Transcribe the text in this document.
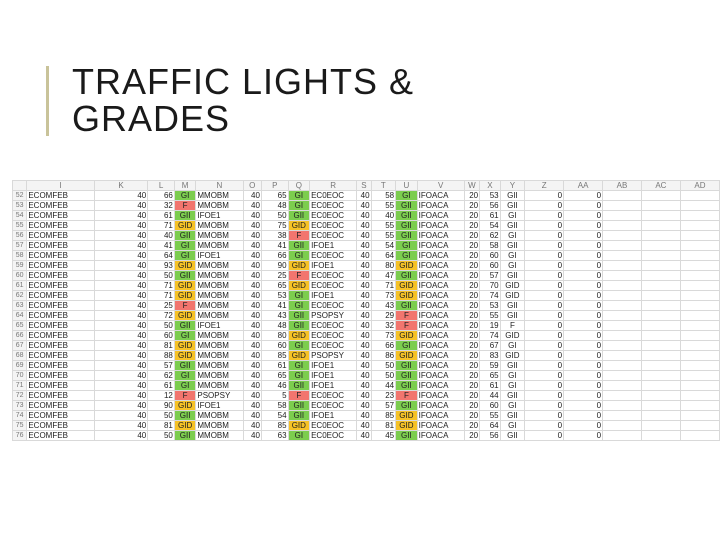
TRAFFIC LIGHTS &
GRADES
	I	K	L	M	N	O	P	Q	R	S	T	U	V	W	X	Y	Z	AA	AB	AC	AD
52	ECOMFEB	40	66	GI	MMOBM	40	65	GI	EC0EOC	40	58	GI	IFOACA	20	53	GII	0	0			
53	ECOMFEB	40	32	F	MMOBM	40	48	GI	EC0EOC	40	55	GII	IFOACA	20	56	GII	0	0			
54	ECOMFEB	40	61	GII	IFOE1	40	50	GII	EC0EOC	40	40	GII	IFOACA	20	61	GI	0	0			
55	ECOMFEB	40	71	GID	MMOBM	40	75	GID	EC0EOC	40	55	GII	IFOACA	20	54	GII	0	0			
56	ECOMFEB	40	40	GII	MMOBM	40	38	F	EC0EOC	40	55	GII	IFOACA	20	62	GI	0	0			
57	ECOMFEB	40	41	GI	MMOBM	40	41	GII	IFOE1	40	54	GI	IFOACA	20	58	GII	0	0			
58	ECOMFEB	40	64	GI	IFOE1	40	66	GI	EC0EOC	40	64	GI	IFOACA	20	60	GI	0	0			
59	ECOMFEB	40	93	GID	MMOBM	40	90	GID	IFOE1	40	80	GID	IFOACA	20	60	GI	0	0			
60	ECOMFEB	40	50	GII	MMOBM	40	25	F	EC0EOC	40	47	GII	IFOACA	20	57	GII	0	0			
61	ECOMFEB	40	71	GID	MMOBM	40	65	GID	EC0EOC	40	71	GID	IFOACA	20	70	GID	0	0			
62	ECOMFEB	40	71	GID	MMOBM	40	53	GI	IFOE1	40	73	GID	IFOACA	20	74	GID	0	0			
63	ECOMFEB	40	25	F	MMOBM	40	41	GI	EC0EOC	40	43	GII	IFOACA	20	53	GII	0	0			
64	ECOMFEB	40	72	GID	MMOBM	40	43	GII	PSOPSY	40	29	F	IFOACA	20	55	GII	0	0			
65	ECOMFEB	40	50	GII	IFOE1	40	48	GII	EC0EOC	40	32	F	IFOACA	20	19	F	0	0			
66	ECOMFEB	40	60	GI	MMOBM	40	80	GID	EC0EOC	40	73	GID	IFOACA	20	74	GID	0	0			
67	ECOMFEB	40	81	GID	MMOBM	40	60	GI	EC0EOC	40	66	GI	IFOACA	20	67	GI	0	0			
68	ECOMFEB	40	88	GID	MMOBM	40	85	GID	PSOPSY	40	86	GID	IFOACA	20	83	GID	0	0			
69	ECOMFEB	40	57	GII	MMOBM	40	61	GI	IFOE1	40	50	GII	IFOACA	20	59	GII	0	0			
70	ECOMFEB	40	62	GI	MMOBM	40	65	GI	IFOE1	40	50	GII	IFOACA	20	65	GI	0	0			
71	ECOMFEB	40	61	GI	MMOBM	40	46	GII	IFOE1	40	44	GII	IFOACA	20	61	GI	0	0			
72	ECOMFEB	40	12	F	PSOPSY	40	5	F	EC0EOC	40	23	F	IFOACA	20	44	GII	0	0			
73	ECOMFEB	40	90	GID	IFOE1	40	58	GII	EC0EOC	40	57	GII	IFOACA	20	60	GI	0	0			
74	ECOMFEB	40	50	GII	MMOBM	40	54	GII	IFOE1	40	85	GID	IFOACA	20	55	GII	0	0			
75	ECOMFEB	40	81	GID	MMOBM	40	85	GID	EC0EOC	40	81	GID	IFOACA	20	64	GI	0	0			
76	ECOMFEB	40	50	GII	MMOBM	40	63	GI	EC0EOC	40	45	GII	IFOACA	20	56	GII	0	0			
